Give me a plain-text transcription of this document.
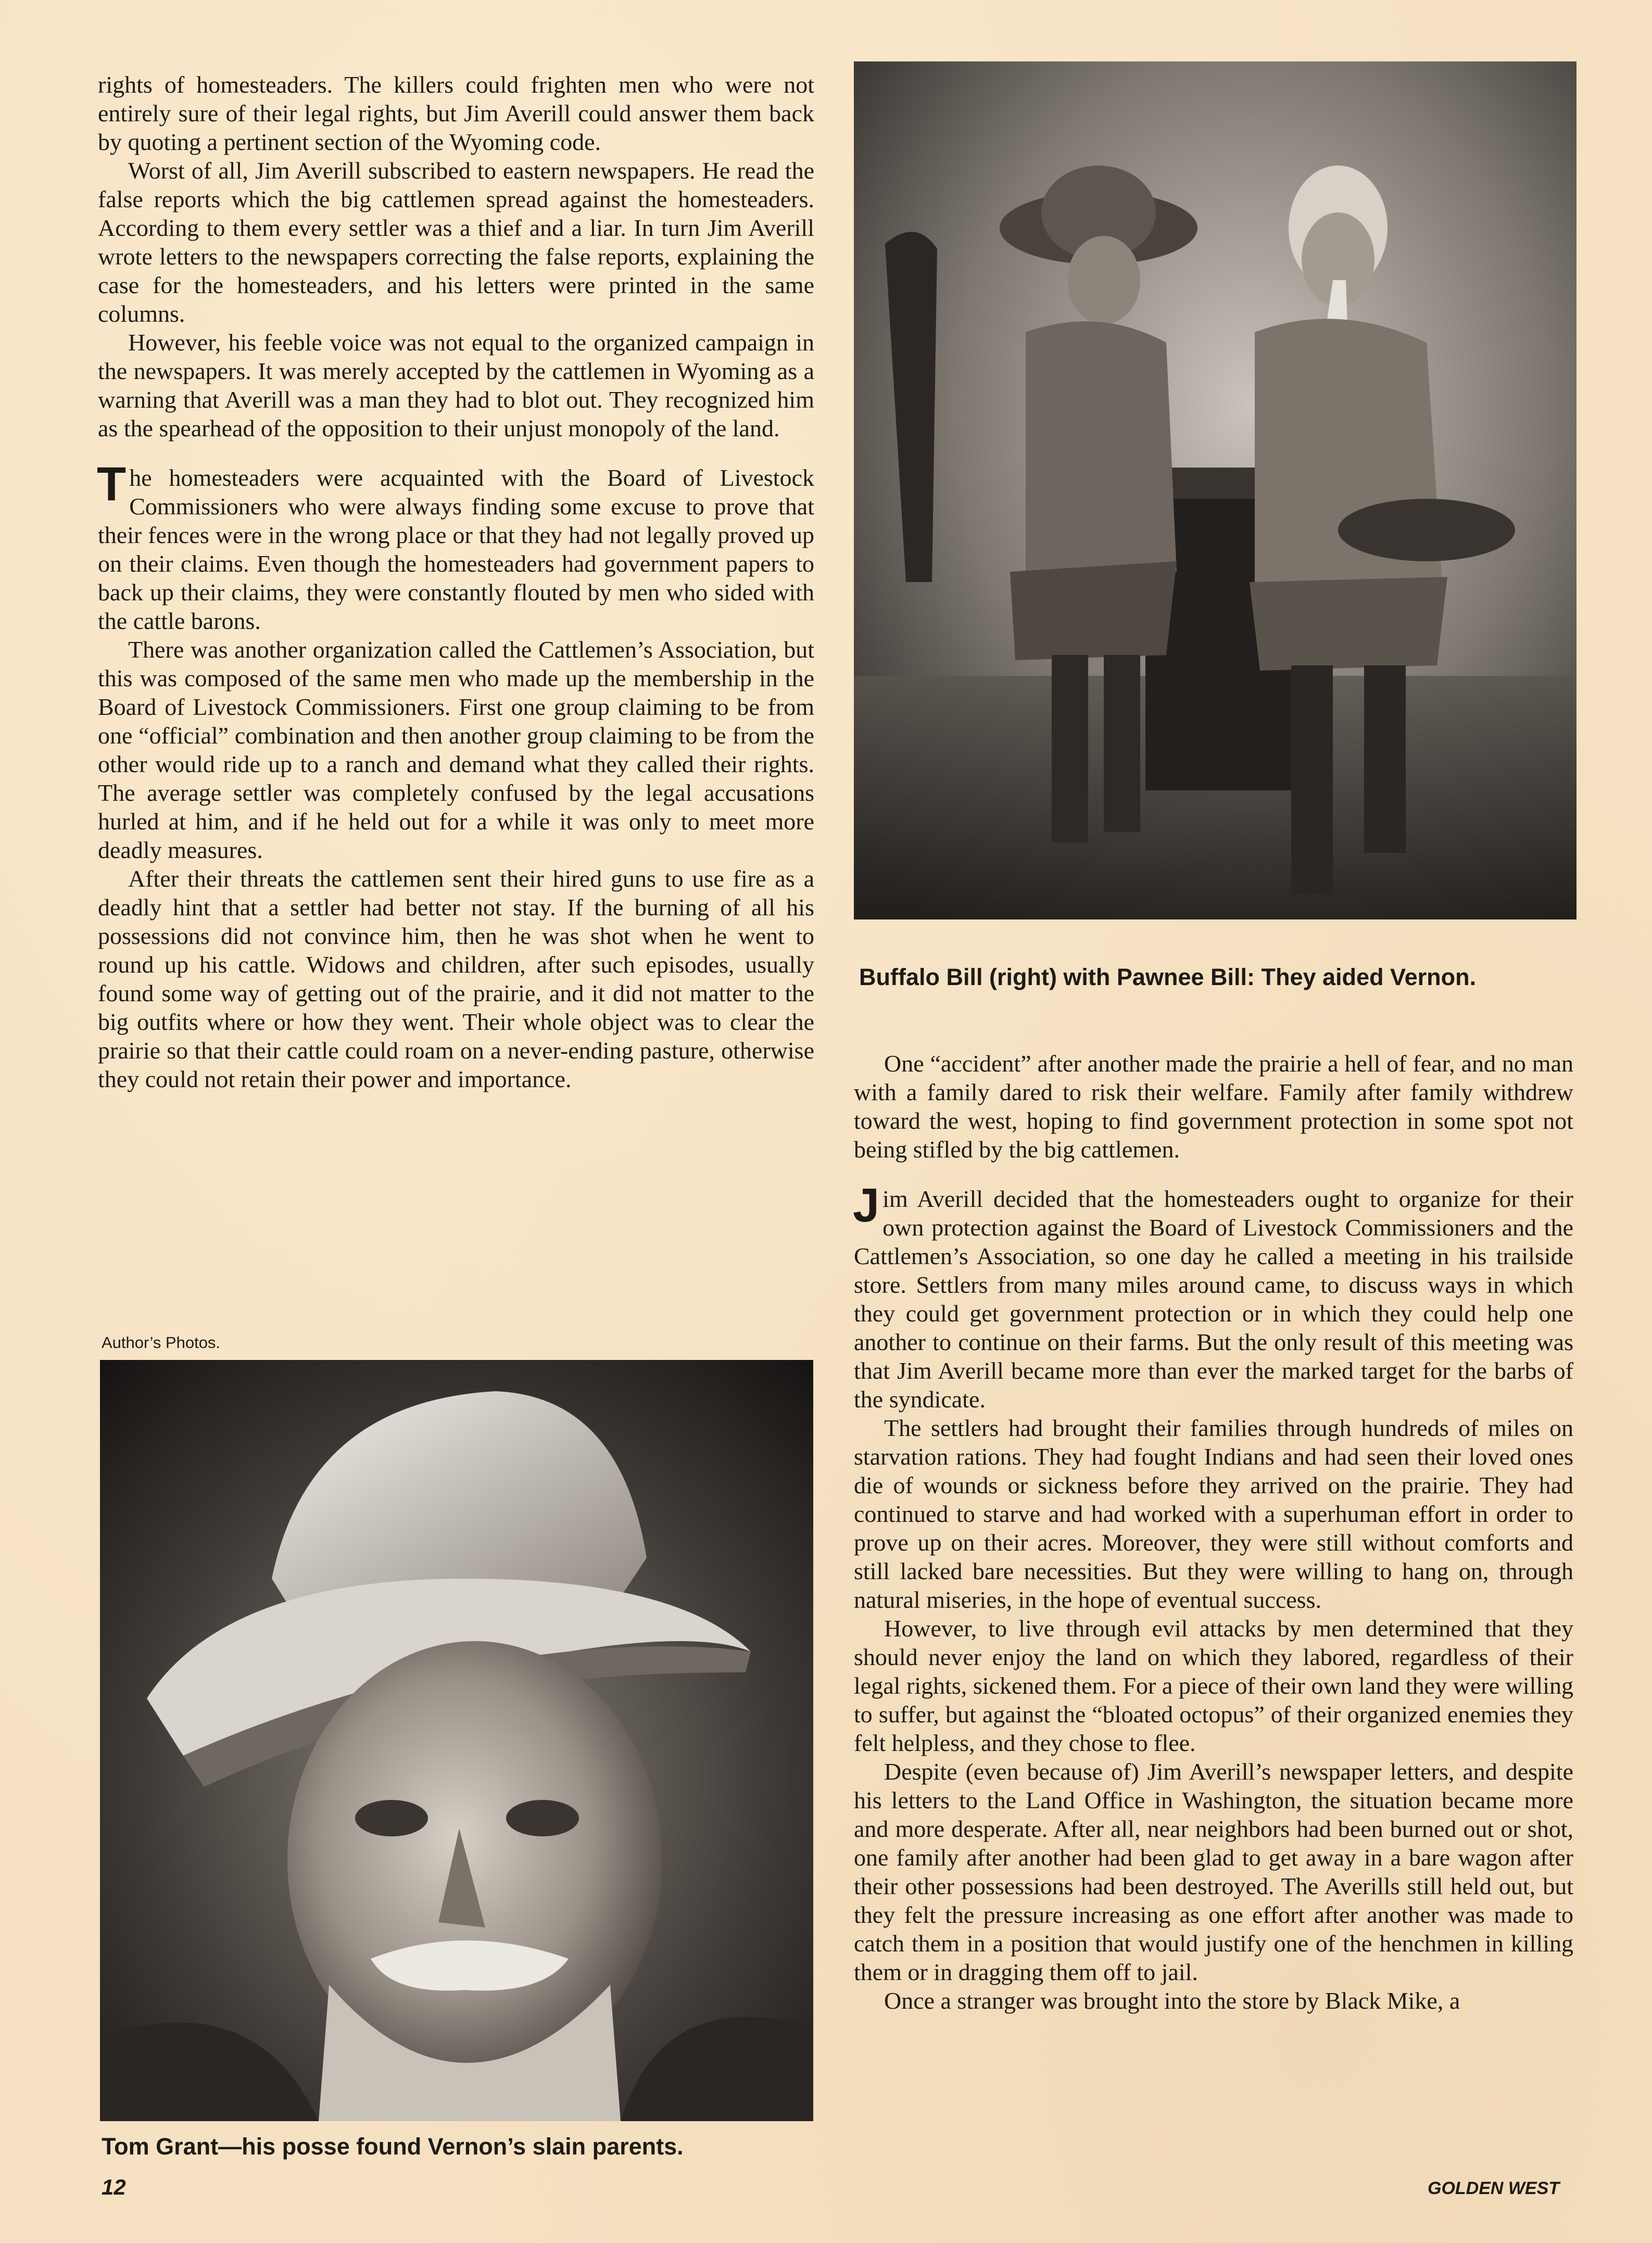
rights of homesteaders. The killers could frighten men who were not entirely sure of their legal rights, but Jim Averill could answer them back by quoting a pertinent section of the Wyoming code.

Worst of all, Jim Averill subscribed to eastern newspapers. He read the false reports which the big cattlemen spread against the homesteaders. According to them every settler was a thief and a liar. In turn Jim Averill wrote letters to the newspapers correcting the false reports, explaining the case for the homesteaders, and his letters were printed in the same columns.

However, his feeble voice was not equal to the organized campaign in the newspapers. It was merely accepted by the cattlemen in Wyoming as a warning that Averill was a man they had to blot out. They recognized him as the spearhead of the opposition to their unjust monopoly of the land.

The homesteaders were acquainted with the Board of Livestock Commissioners who were always finding some excuse to prove that their fences were in the wrong place or that they had not legally proved up on their claims. Even though the homesteaders had government papers to back up their claims, they were constantly flouted by men who sided with the cattle barons.

There was another organization called the Cattlemen’s Association, but this was composed of the same men who made up the membership in the Board of Livestock Commissioners. First one group claiming to be from one “official” combination and then another group claiming to be from the other would ride up to a ranch and demand what they called their rights. The average settler was completely confused by the legal accusations hurled at him, and if he held out for a while it was only to meet more deadly measures.

After their threats the cattlemen sent their hired guns to use fire as a deadly hint that a settler had better not stay. If the burning of all his possessions did not convince him, then he was shot when he went to round up his cattle. Widows and children, after such episodes, usually found some way of getting out of the prairie, and it did not matter to the big outfits where or how they went. Their whole object was to clear the prairie so that their cattle could roam on a never-ending pasture, otherwise they could not retain their power and importance.

Buffalo Bill (right) with Pawnee Bill: They aided Vernon.

One “accident” after another made the prairie a hell of fear, and no man with a family dared to risk their welfare. Family after family withdrew toward the west, hoping to find government protection in some spot not being stifled by the big cattlemen.

Jim Averill decided that the homesteaders ought to organize for their own protection against the Board of Livestock Commissioners and the Cattlemen’s Association, so one day he called a meeting in his trailside store. Settlers from many miles around came, to discuss ways in which they could get government protection or in which they could help one another to continue on their farms. But the only result of this meeting was that Jim Averill became more than ever the marked target for the barbs of the syndicate.

The settlers had brought their families through hundreds of miles on starvation rations. They had fought Indians and had seen their loved ones die of wounds or sickness before they arrived on the prairie. They had continued to starve and had worked with a superhuman effort in order to prove up on their acres. Moreover, they were still without comforts and still lacked bare necessities. But they were willing to hang on, through natural miseries, in the hope of eventual success.

However, to live through evil attacks by men determined that they should never enjoy the land on which they labored, regardless of their legal rights, sickened them. For a piece of their own land they were willing to suffer, but against the “bloated octopus” of their organized enemies they felt helpless, and they chose to flee.

Despite (even because of) Jim Averill’s newspaper letters, and despite his letters to the Land Office in Washington, the situation became more and more desperate. After all, near neighbors had been burned out or shot, one family after another had been glad to get away in a bare wagon after their other possessions had been destroyed. The Averills still held out, but they felt the pressure increasing as one effort after another was made to catch them in a position that would justify one of the henchmen in killing them or in dragging them off to jail.

Once a stranger was brought into the store by Black Mike, a

Author’s Photos.
Tom Grant—his posse found Vernon’s slain parents.
12	GOLDEN WEST
